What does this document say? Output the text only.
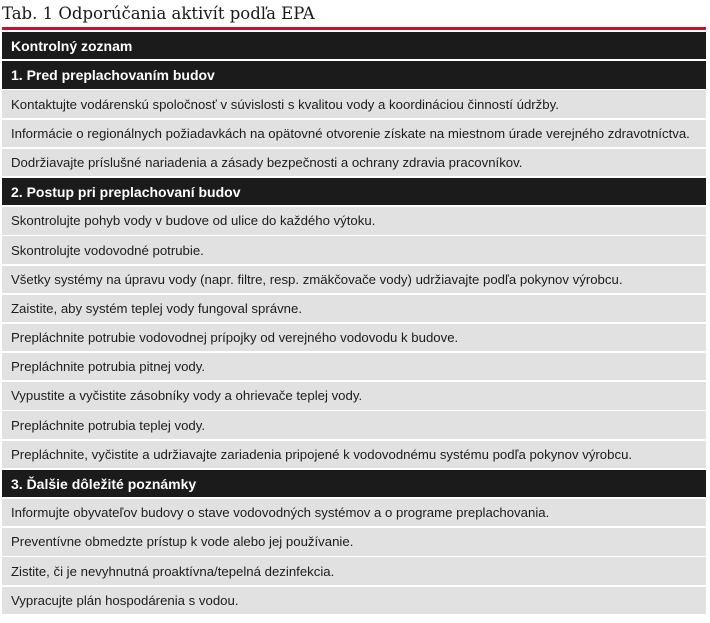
Tab. 1 Odporúčania aktivít podľa EPA
Kontrolný zoznam
1. Pred preplachovaním budov
Kontaktujte vodárenskú spoločnosť v súvislosti s kvalitou vody a koordináciou činností údržby.
Informácie o regionálnych požiadavkách na opätovné otvorenie získate na miestnom úrade verejného zdravotníctva.
Dodržiavajte príslušné nariadenia a zásady bezpečnosti a ochrany zdravia pracovníkov.
2. Postup pri preplachovaní budov
Skontrolujte pohyb vody v budove od ulice do každého výtoku.
Skontrolujte vodovodné potrubie.
Všetky systémy na úpravu vody (napr. filtre, resp. zmäkčovače vody) udržiavajte podľa pokynov výrobcu.
Zaistite, aby systém teplej vody fungoval správne.
Prepláchnite potrubie vodovodnej prípojky od verejného vodovodu k budove.
Prepláchnite potrubia pitnej vody.
Vypustite a vyčistite zásobníky vody a ohrievače teplej vody.
Prepláchnite potrubia teplej vody.
Prepláchnite, vyčistite a udržiavajte zariadenia pripojené k vodovodnému systému podľa pokynov výrobcu.
3. Ďalšie dôležité poznámky
Informujte obyvateľov budovy o stave vodovodných systémov a o programe preplachovania.
Preventívne obmedzte prístup k vode alebo jej používanie.
Zistite, či je nevyhnutná proaktívna/tepelná dezinfekcia.
Vypracujte plán hospodárenia s vodou.
